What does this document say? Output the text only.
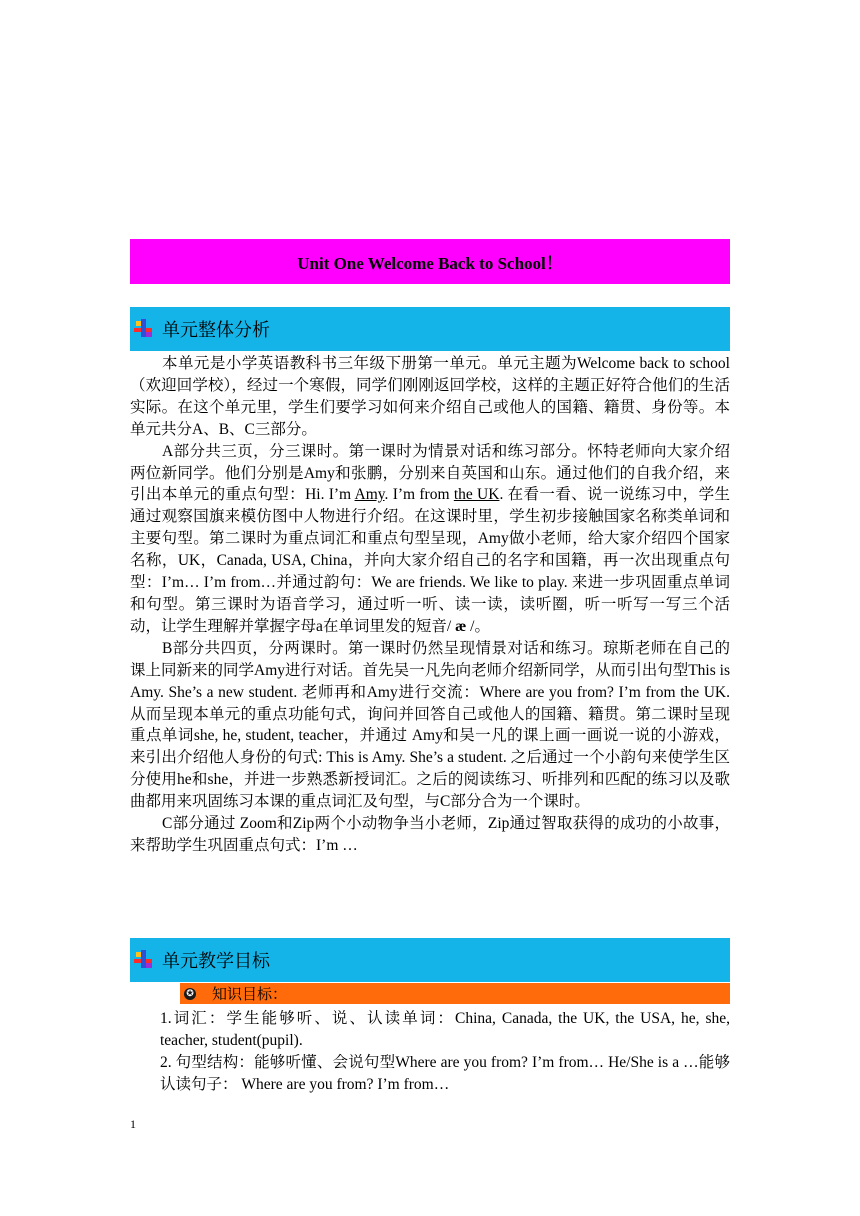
Unit One Welcome Back to School！
单元整体分析

本单元是小学英语教科书三年级下册第一单元。单元主题为Welcome back to school（欢迎回学校），经过一个寒假，同学们刚刚返回学校，这样的主题正好符合他们的生活实际。在这个单元里，学生们要学习如何来介绍自己或他人的国籍、籍贯、身份等。本单元共分A、B、C三部分。

A部分共三页，分三课时。第一课时为情景对话和练习部分。怀特老师向大家介绍两位新同学。他们分别是Amy和张鹏，分别来自英国和山东。通过他们的自我介绍，来引出本单元的重点句型：Hi. I’m Amy. I’m from the UK. 在看一看、说一说练习中，学生通过观察国旗来模仿图中人物进行介绍。在这课时里，学生初步接触国家名称类单词和主要句型。第二课时为重点词汇和重点句型呈现，Amy做小老师，给大家介绍四个国家名称，UK，Canada, USA, China，并向大家介绍自己的名字和国籍，再一次出现重点句型：I’m… I’m from…并通过韵句：We are friends. We like to play. 来进一步巩固重点单词和句型。第三课时为语音学习，通过听一听、读一读，读听圈，听一听写一写三个活动，让学生理解并掌握字母a在单词里发的短音/ æ /。

B部分共四页，分两课时。第一课时仍然呈现情景对话和练习。琼斯老师在自己的课上同新来的同学Amy进行对话。首先吴一凡先向老师介绍新同学，从而引出句型This is Amy. She’s a new student. 老师再和Amy进行交流：Where are you from? I’m from the UK. 从而呈现本单元的重点功能句式，询问并回答自己或他人的国籍、籍贯。第二课时呈现重点单词she, he, student, teacher，并通过 Amy和吴一凡的课上画一画说一说的小游戏，来引出介绍他人身份的句式: This is Amy. She’s a student. 之后通过一个小韵句来使学生区分使用he和she，并进一步熟悉新授词汇。之后的阅读练习、听排列和匹配的练习以及歌曲都用来巩固练习本课的重点词汇及句型，与C部分合为一个课时。

C部分通过 Zoom和Zip两个小动物争当小老师，Zip通过智取获得的成功的小故事，来帮助学生巩固重点句式：I’m …

单元教学目标
✪ 知识目标：
1.词汇：学生能够听、说、认读单词：China, Canada, the UK, the USA, he, she, teacher, student(pupil).
2. 句型结构：能够听懂、会说句型Where are you from? I’m from… He/She is a …能够认读句子： Where are you from? I’m from…
1
